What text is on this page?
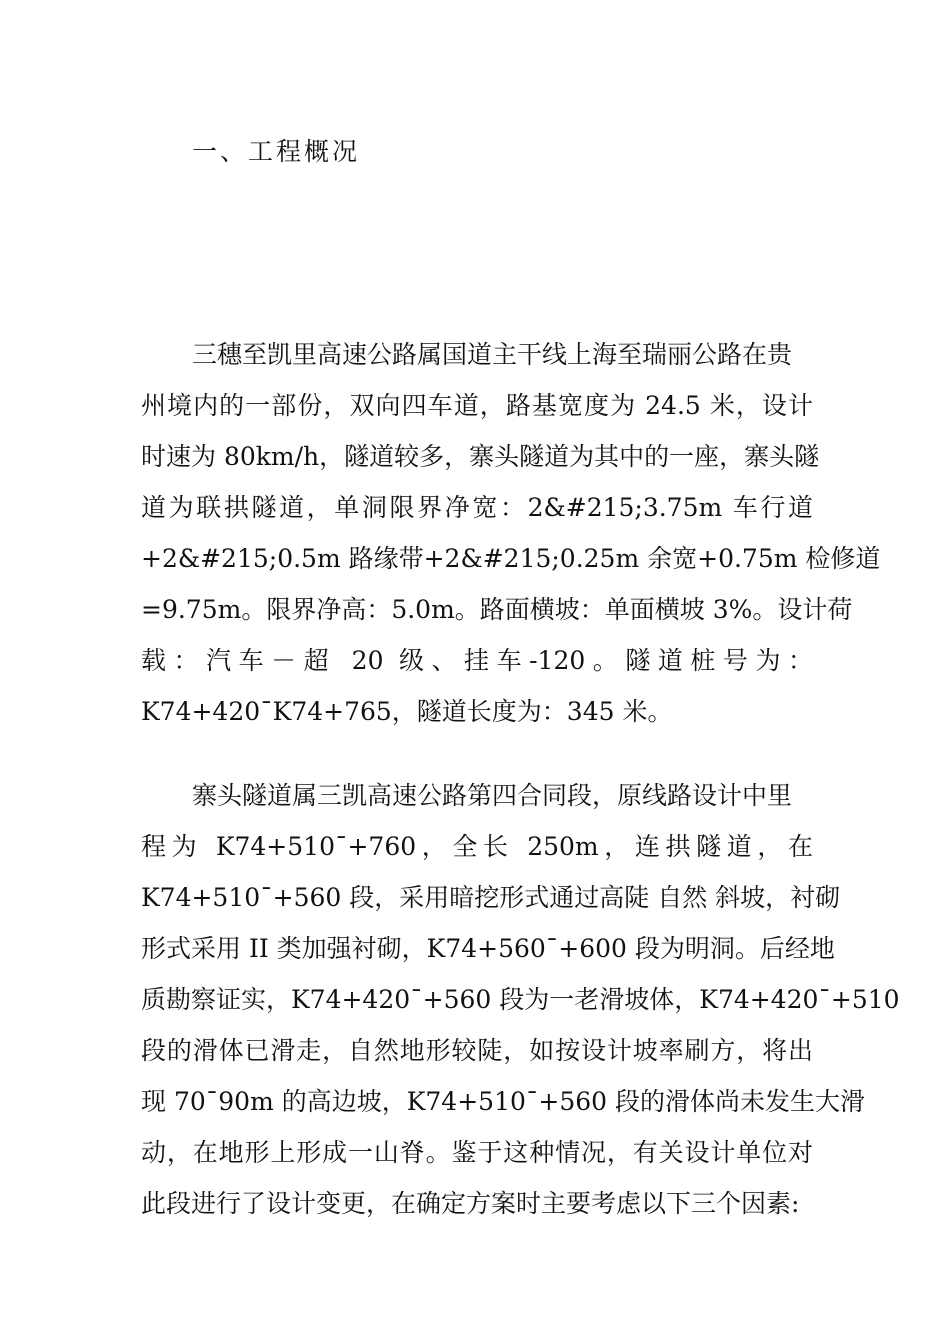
一、工程概况
三穗至凯里高速公路属国道主干线上海至瑞丽公路在贵
州境内的一部份，双向四车道，路基宽度为 24.5 米，设计
时速为 80km/h，隧道较多，寨头隧道为其中的一座，寨头隧
道为联拱隧道，单洞限界净宽：2&#215;3.75m 车行道
+2&#215;0.5m 路缘带+2&#215;0.25m 余宽+0.75m 检修道
=9.75m。限界净高：5.0m。路面横坡：单面横坡 3%。设计荷
载：汽车－超 20 级、挂车-120。隧道桩号为：
K74+420¯K74+765，隧道长度为：345 米。
寨头隧道属三凯高速公路第四合同段，原线路设计中里
程为 K74+510¯+760，全长 250m，连拱隧道，在
K74+510¯+560 段，采用暗挖形式通过高陡 自然 斜坡，衬砌
形式采用 II 类加强衬砌，K74+560¯+600 段为明洞。后经地
质勘察证实，K74+420¯+560 段为一老滑坡体，K74+420¯+510
段的滑体已滑走，自然地形较陡，如按设计坡率刷方，将出
现 70¯90m 的高边坡，K74+510¯+560 段的滑体尚未发生大滑
动，在地形上形成一山脊。鉴于这种情况，有关设计单位对
此段进行了设计变更，在确定方案时主要考虑以下三个因素:
